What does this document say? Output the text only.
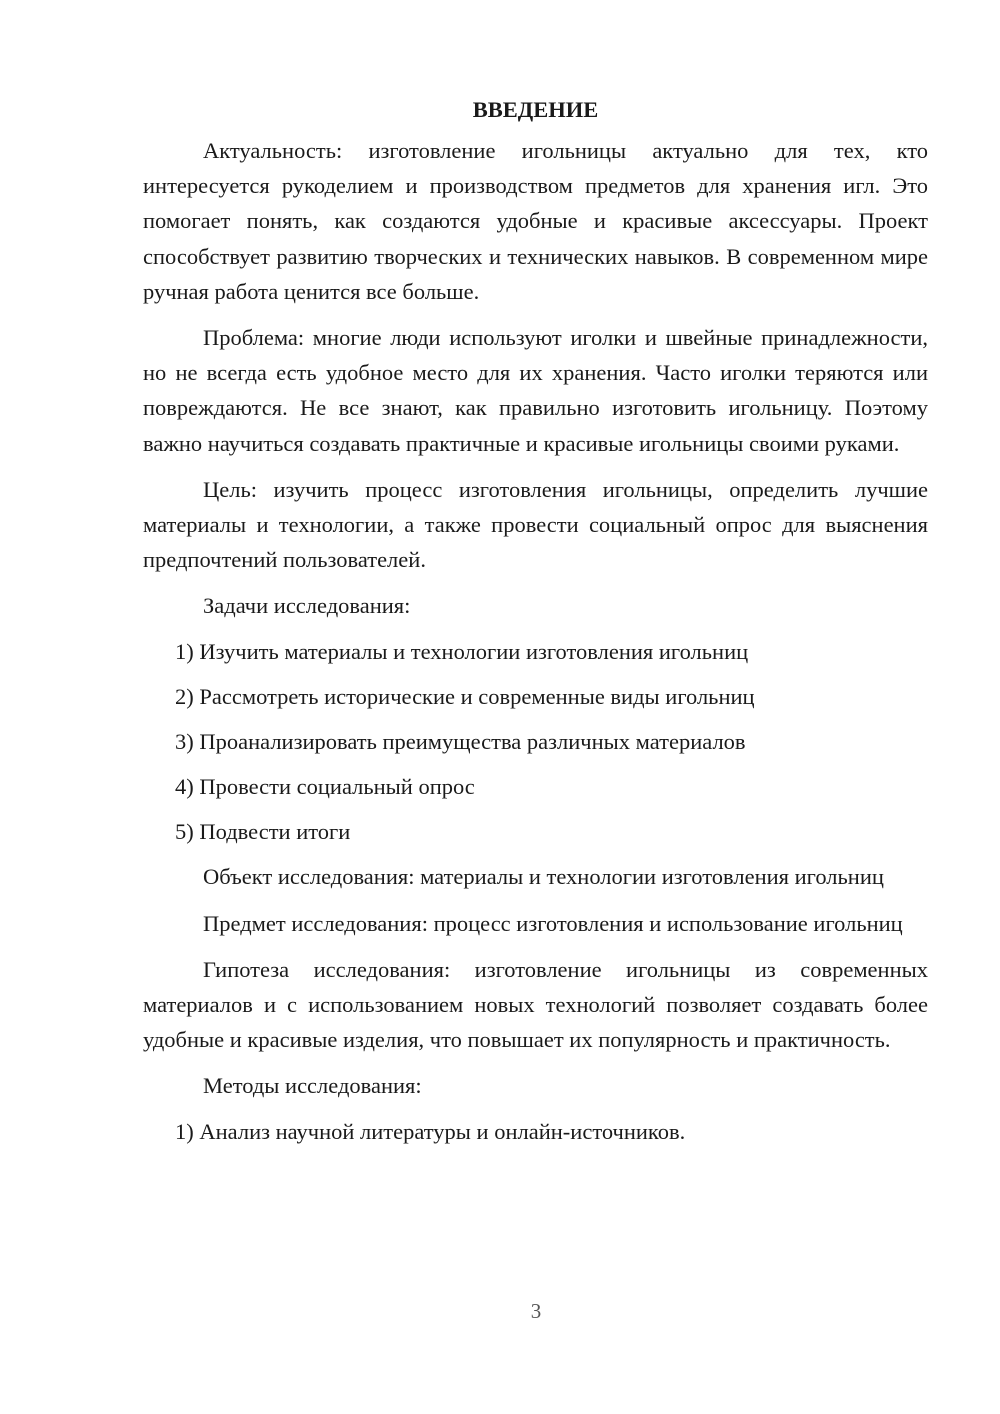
ВВЕДЕНИЕ
Актуальность: изготовление игольницы актуально для тех, кто интересуется рукоделием и производством предметов для хранения игл. Это помогает понять, как создаются удобные и красивые аксессуары. Проект способствует развитию творческих и технических навыков. В современном мире ручная работа ценится все больше.
Проблема: многие люди используют иголки и швейные принадлежности, но не всегда есть удобное место для их хранения. Часто иголки теряются или повреждаются. Не все знают, как правильно изготовить игольницу. Поэтому важно научиться создавать практичные и красивые игольницы своими руками.
Цель: изучить процесс изготовления игольницы, определить лучшие материалы и технологии, а также провести социальный опрос для выяснения предпочтений пользователей.
Задачи исследования:
1) Изучить материалы и технологии изготовления игольниц
2) Рассмотреть исторические и современные виды игольниц
3) Проанализировать преимущества различных материалов
4) Провести социальный опрос
5) Подвести итоги
Объект исследования: материалы и технологии изготовления игольниц
Предмет исследования: процесс изготовления и использование игольниц
Гипотеза исследования: изготовление игольницы из современных материалов и с использованием новых технологий позволяет создавать более удобные и красивые изделия, что повышает их популярность и практичность.
Методы исследования:
1) Анализ научной литературы и онлайн-источников.
3
